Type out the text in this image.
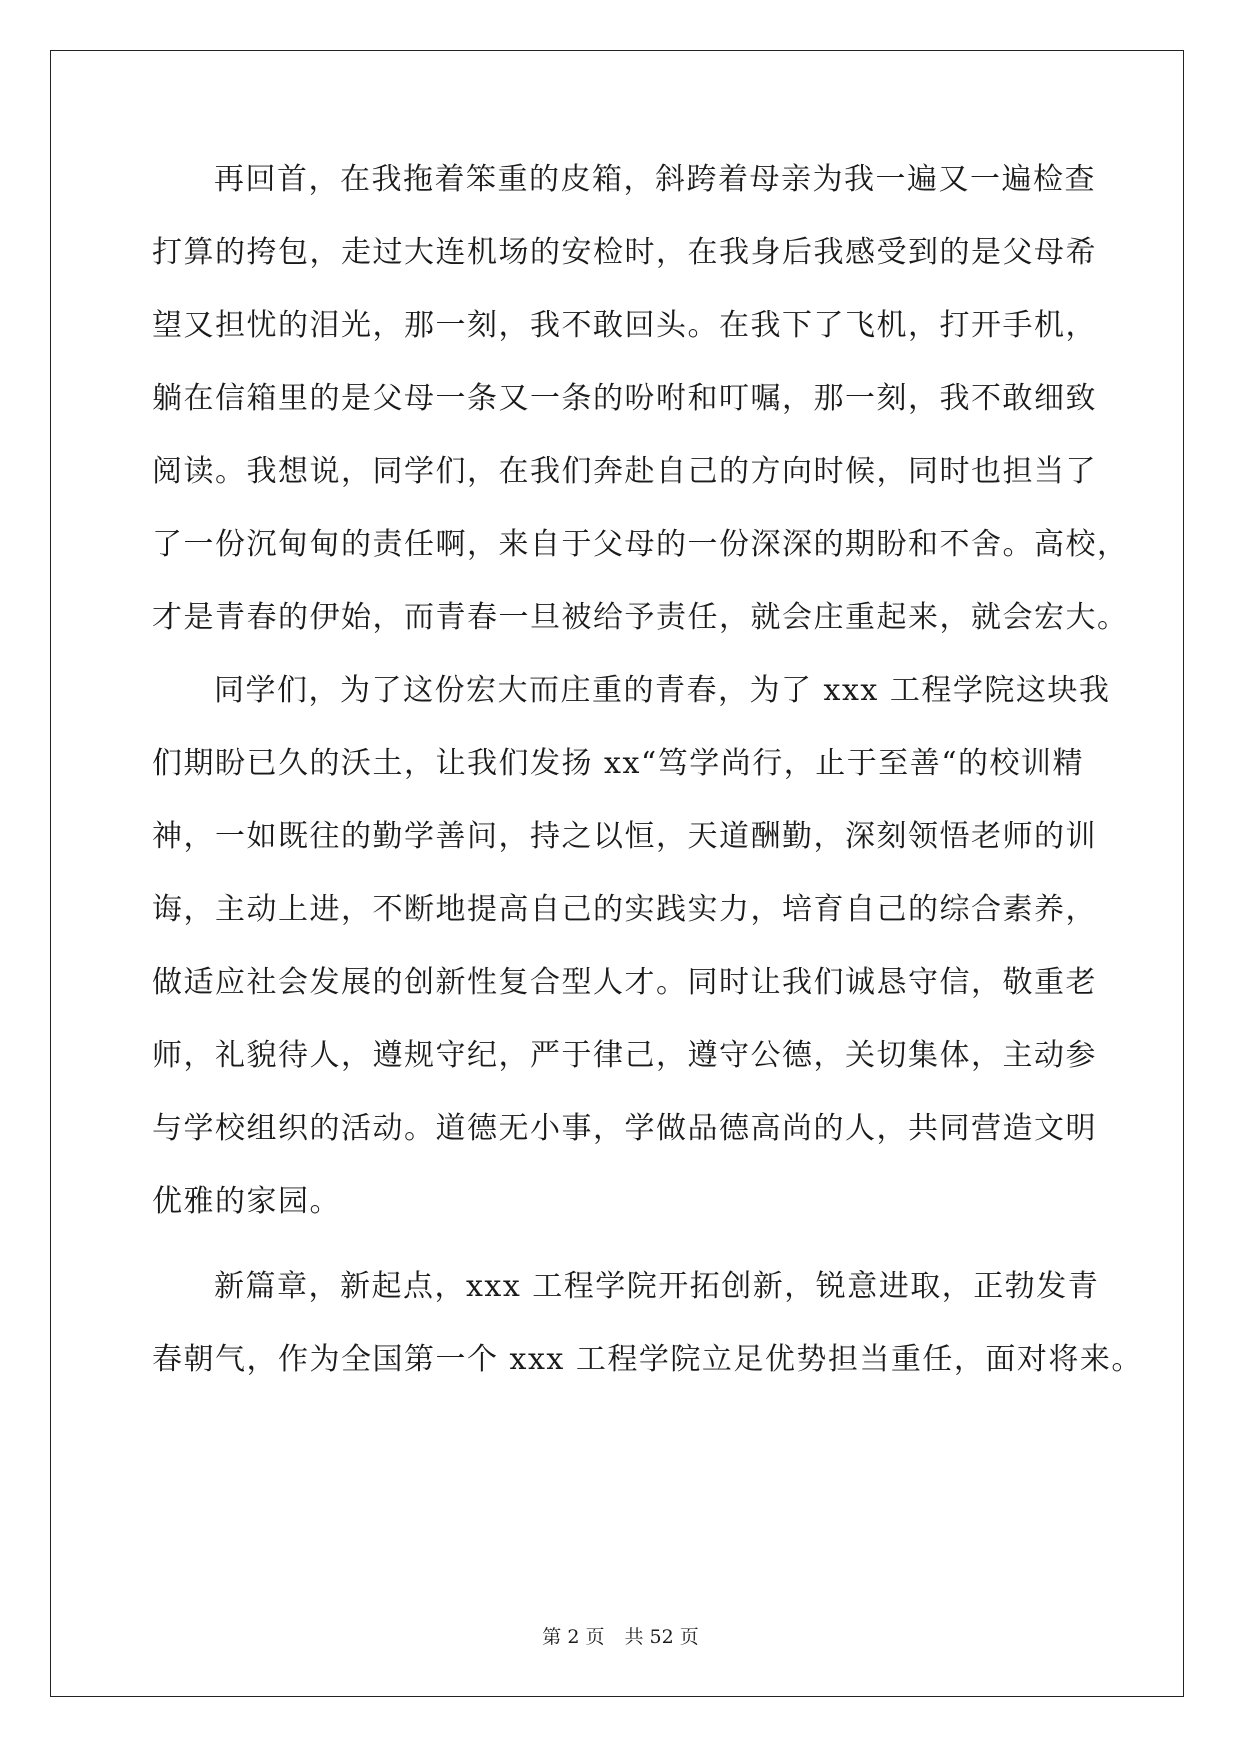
再回首，在我拖着笨重的皮箱，斜跨着母亲为我一遍又一遍检查
打算的挎包，走过大连机场的安检时，在我身后我感受到的是父母希
望又担忧的泪光，那一刻，我不敢回头。在我下了飞机，打开手机，
躺在信箱里的是父母一条又一条的吩咐和叮嘱，那一刻，我不敢细致
阅读。我想说，同学们，在我们奔赴自己的方向时候，同时也担当了
了一份沉甸甸的责任啊，来自于父母的一份深深的期盼和不舍。高校，
才是青春的伊始，而青春一旦被给予责任，就会庄重起来，就会宏大。
同学们，为了这份宏大而庄重的青春，为了 xxx 工程学院这块我
们期盼已久的沃土，让我们发扬 xx“笃学尚行，止于至善“的校训精
神，一如既往的勤学善问，持之以恒，天道酬勤，深刻领悟老师的训
诲，主动上进，不断地提高自己的实践实力，培育自己的综合素养，
做适应社会发展的创新性复合型人才。同时让我们诚恳守信，敬重老
师，礼貌待人，遵规守纪，严于律己，遵守公德，关切集体，主动参
与学校组织的活动。道德无小事，学做品德高尚的人，共同营造文明
优雅的家园。
新篇章，新起点，xxx 工程学院开拓创新，锐意进取，正勃发青
春朝气，作为全国第一个 xxx 工程学院立足优势担当重任，面对将来。
第 2 页 共 52 页
